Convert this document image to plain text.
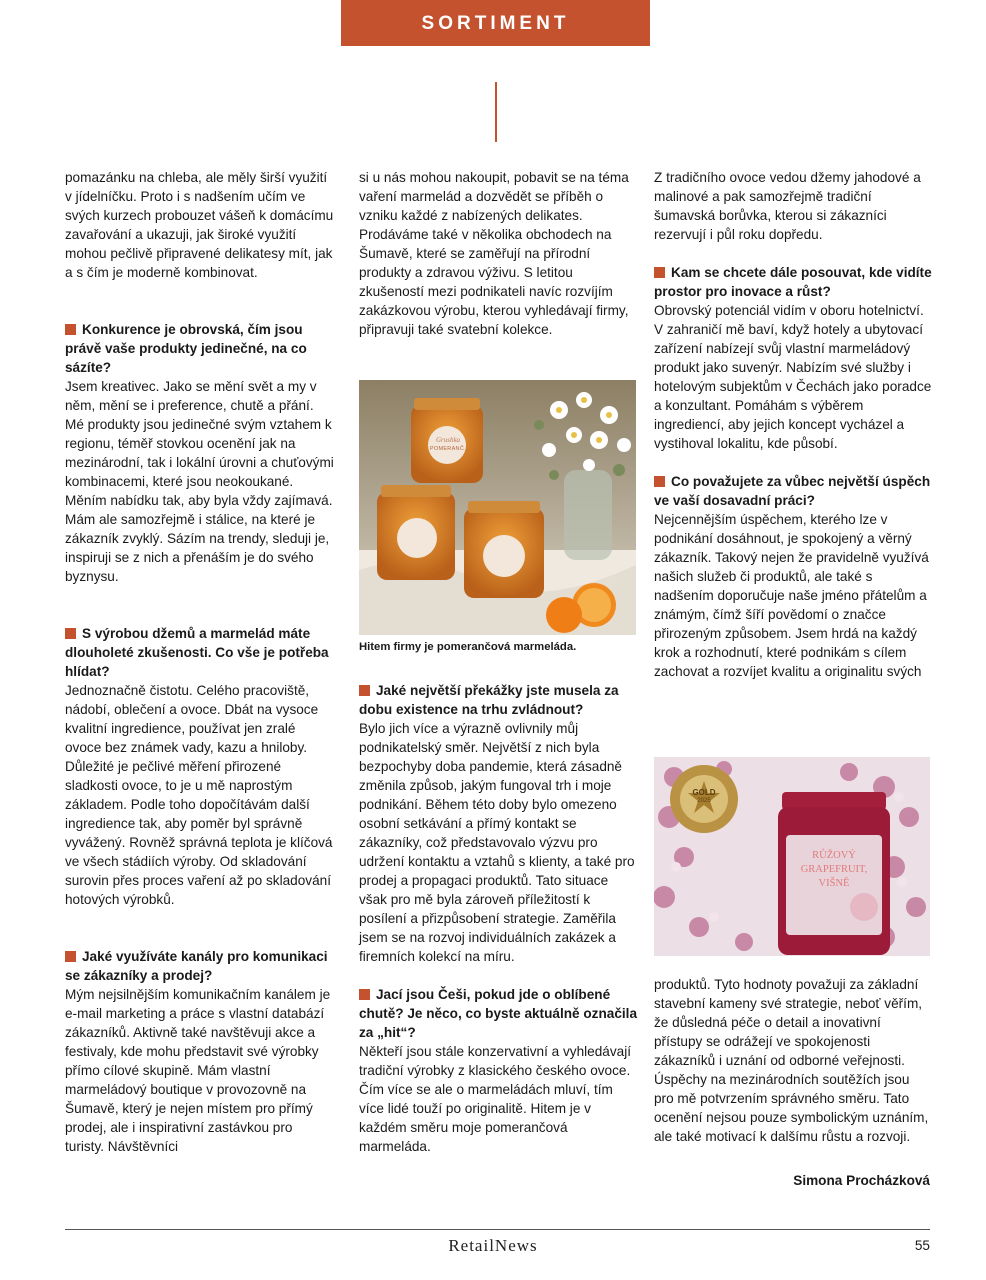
SORTIMENT

pomazánku na chleba, ale měly širší využití v jídelníčku. Proto i s nadšením učím ve svých kurzech probouzet vášeň k domácímu zavařování a ukazuji, jak široké využití mohou pečlivě připravené delikatesy mít, jak a s čím je moderně kombinovat.

Konkurence je obrovská, čím jsou právě vaše produkty jedinečné, na co sázíte?

Jsem kreativec. Jako se mění svět a my v něm, mění se i preference, chutě a přání. Mé produkty jsou jedinečné svým vztahem k regionu, téměř stovkou ocenění jak na mezinárodní, tak i lokální úrovni a chuťovými kombinacemi, které jsou neokoukané. Měním nabídku tak, aby byla vždy zajímavá. Mám ale samozřejmě i stálice, na které je zákazník zvyklý. Sázím na trendy, sleduji je, inspiruji se z nich a přenáším je do svého byznysu.

S výrobou džemů a marmelád máte dlouholeté zkušenosti. Co vše je potřeba hlídat?

Jednoznačně čistotu. Celého pracoviště, nádobí, oblečení a ovoce. Dbát na vysoce kvalitní ingredience, používat jen zralé ovoce bez známek vady, kazu a hniloby. Důležité je pečlivé měření přirozené sladkosti ovoce, to je u mě naprostým základem. Podle toho dopočítávám další ingredience tak, aby poměr byl správně vyvážený. Rovněž správná teplota je klíčová ve všech stádiích výroby. Od skladování surovin přes proces vaření až po skladování hotových výrobků.

Jaké využíváte kanály pro komunikaci se zákazníky a prodej?

Mým nejsilnějším komunikačním kanálem je e-mail marketing a práce s vlastní databází zákazníků. Aktivně také navštěvuji akce a festivaly, kde mohu představit své výrobky přímo cílové skupině. Mám vlastní marmeládový boutique v provozovně na Šumavě, který je nejen místem pro přímý prodej, ale i inspirativní zastávkou pro turisty. Návštěvníci

si u nás mohou nakoupit, pobavit se na téma vaření marmelád a dozvědět se příběh o vzniku každé z nabízených delikates. Prodáváme také v několika obchodech na Šumavě, které se zaměřují na přírodní produkty a zdravou výživu. S letitou zkušeností mezi podnikateli navíc rozvíjím zakázkovou výrobu, kterou vyhledávají firmy, připravuji také svatební kolekce.

Grushka
POMERANČ
Hitem firmy je pomerančová marmeláda.

Jaké největší překážky jste musela za dobu existence na trhu zvládnout?

Bylo jich více a výrazně ovlivnily můj podnikatelský směr. Největší z nich byla bezpochyby doba pandemie, která zásadně změnila způsob, jakým fungoval trh i moje podnikání. Během této doby bylo omezeno osobní setkávání a přímý kontakt se zákazníky, což představovalo výzvu pro udržení kontaktu a vztahů s klienty, a také pro prodej a propagaci produktů. Tato situace však pro mě byla zároveň příležitostí k posílení a přizpůsobení strategie. Zaměřila jsem se na rozvoj individuálních zakázek a firemních kolekcí na míru.

Jací jsou Češi, pokud jde o oblíbené chutě? Je něco, co byste aktuálně označila za „hit“?

Někteří jsou stále konzervativní a vyhledávají tradiční výrobky z klasického českého ovoce. Čím více se ale o marmeládách mluví, tím více lidé touží po originalitě. Hitem je v každém směru moje pomerančová marmeláda.

Z tradičního ovoce vedou džemy jahodové a malinové a pak samozřejmě tradiční šumavská borůvka, kterou si zákazníci rezervují i půl roku dopředu.

Kam se chcete dále posouvat, kde vidíte prostor pro inovace a růst?

Obrovský potenciál vidím v oboru hotelnictví. V zahraničí mě baví, když hotely a ubytovací zařízení nabízejí svůj vlastní marmeládový produkt jako suvenýr. Nabízím své služby i hotelovým subjektům v Čechách jako poradce a konzultant. Pomáhám s výběrem ingrediencí, aby jejich koncept vycházel a vystihoval lokalitu, kde působí.

Co považujete za vůbec největší úspěch ve vaší dosavadní práci?

Nejcennějším úspěchem, kterého lze v podnikání dosáhnout, je spokojený a věrný zákazník. Takový nejen že pravidelně využívá našich služeb či produktů, ale také s nadšením doporučuje naše jméno přátelům a známým, čímž šíří povědomí o značce přirozeným způsobem. Jsem hrdá na každý krok a rozhodnutí, které podnikám s cílem zachovat a rozvíjet kvalitu a originalitu svých

GOLD
2025
RŮŽOVÝ GRAPEFRUIT, VIŠNĚ

produktů. Tyto hodnoty považuji za základní stavební kameny své strategie, neboť věřím, že důsledná péče o detail a inovativní přístupy se odrážejí ve spokojenosti zákazníků i uznání od odborné veřejnosti. Úspěchy na mezinárodních soutěžích jsou pro mě potvrzením správného směru. Tato ocenění nejsou pouze symbolickým uznáním, ale také motivací k dalšímu růstu a rozvoji.

Simona Procházková
RetailNews	55
